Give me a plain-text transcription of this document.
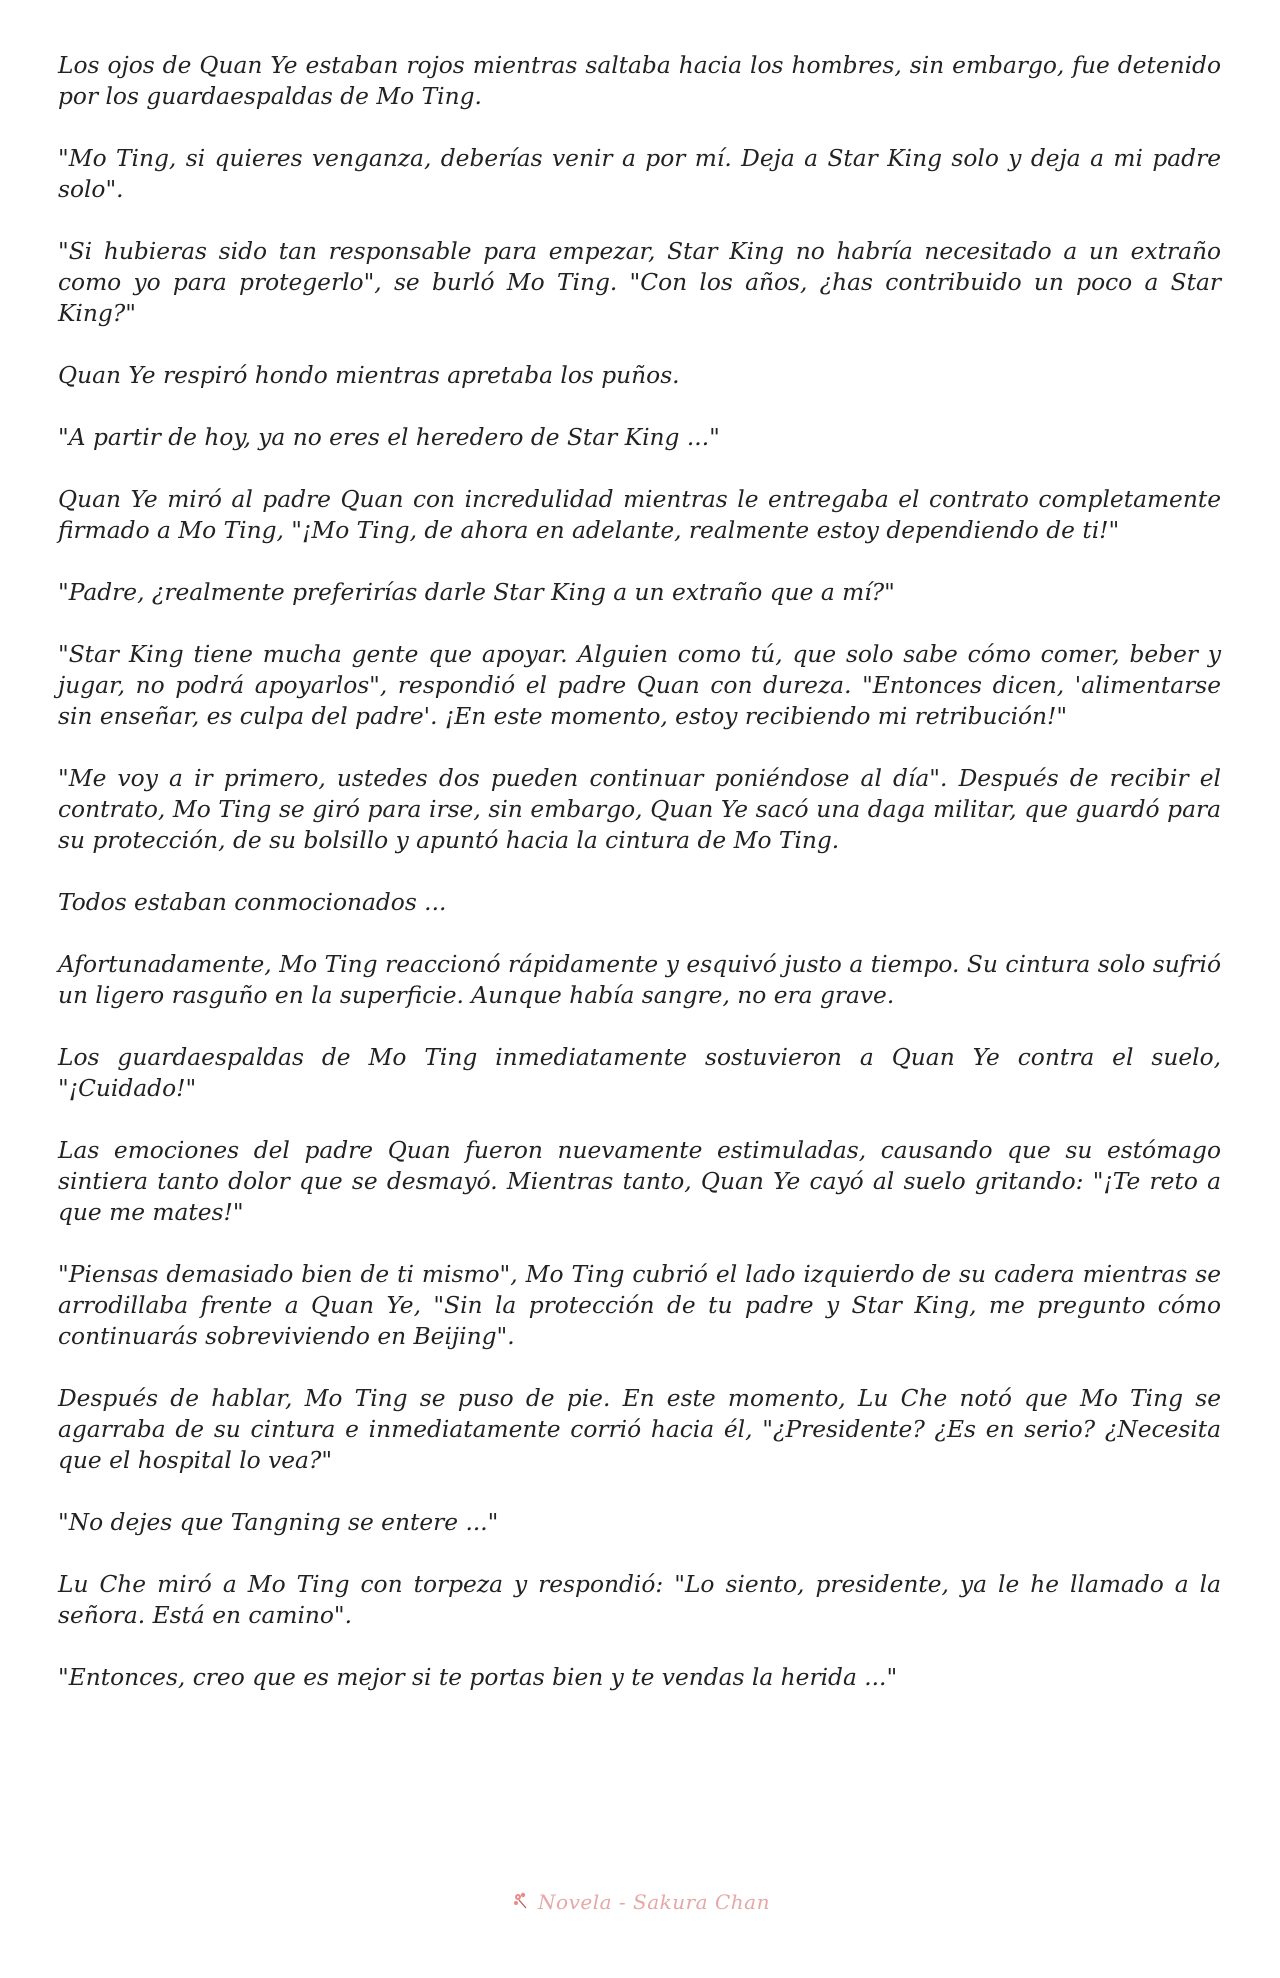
Los ojos de Quan Ye estaban rojos mientras saltaba hacia los hombres, sin embargo, fue detenido por los guardaespaldas de Mo Ting.

"Mo Ting, si quieres venganza, deberías venir a por mí. Deja a Star King solo y deja a mi padre solo".

"Si hubieras sido tan responsable para empezar, Star King no habría necesitado a un extraño como yo para protegerlo", se burló Mo Ting. "Con los años, ¿has contribuido un poco a Star King?"

Quan Ye respiró hondo mientras apretaba los puños.

"A partir de hoy, ya no eres el heredero de Star King ..."

Quan Ye miró al padre Quan con incredulidad mientras le entregaba el contrato completamente firmado a Mo Ting, "¡Mo Ting, de ahora en adelante, realmente estoy dependiendo de ti!"

"Padre, ¿realmente preferirías darle Star King a un extraño que a mí?"

"Star King tiene mucha gente que apoyar. Alguien como tú, que solo sabe cómo comer, beber y jugar, no podrá apoyarlos", respondió el padre Quan con dureza. "Entonces dicen, 'alimentarse sin enseñar, es culpa del padre'. ¡En este momento, estoy recibiendo mi retribución!"

"Me voy a ir primero, ustedes dos pueden continuar poniéndose al día". Después de recibir el contrato, Mo Ting se giró para irse, sin embargo, Quan Ye sacó una daga militar, que guardó para su protección, de su bolsillo y apuntó hacia la cintura de Mo Ting.

Todos estaban conmocionados ...

Afortunadamente, Mo Ting reaccionó rápidamente y esquivó justo a tiempo. Su cintura solo sufrió un ligero rasguño en la superficie. Aunque había sangre, no era grave.

Los guardaespaldas de Mo Ting inmediatamente sostuvieron a Quan Ye contra el suelo, "¡Cuidado!"

Las emociones del padre Quan fueron nuevamente estimuladas, causando que su estómago sintiera tanto dolor que se desmayó. Mientras tanto, Quan Ye cayó al suelo gritando: "¡Te reto a que me mates!"

"Piensas demasiado bien de ti mismo", Mo Ting cubrió el lado izquierdo de su cadera mientras se arrodillaba frente a Quan Ye, "Sin la protección de tu padre y Star King, me pregunto cómo continuarás sobreviviendo en Beijing".

Después de hablar, Mo Ting se puso de pie. En este momento, Lu Che notó que Mo Ting se agarraba de su cintura e inmediatamente corrió hacia él, "¿Presidente? ¿Es en serio? ¿Necesita que el hospital lo vea?"

"No dejes que Tangning se entere ..."

Lu Che miró a Mo Ting con torpeza y respondió: "Lo siento, presidente, ya le he llamado a la señora. Está en camino".

"Entonces, creo que es mejor si te portas bien y te vendas la herida ..."

Novela - Sakura Chan
